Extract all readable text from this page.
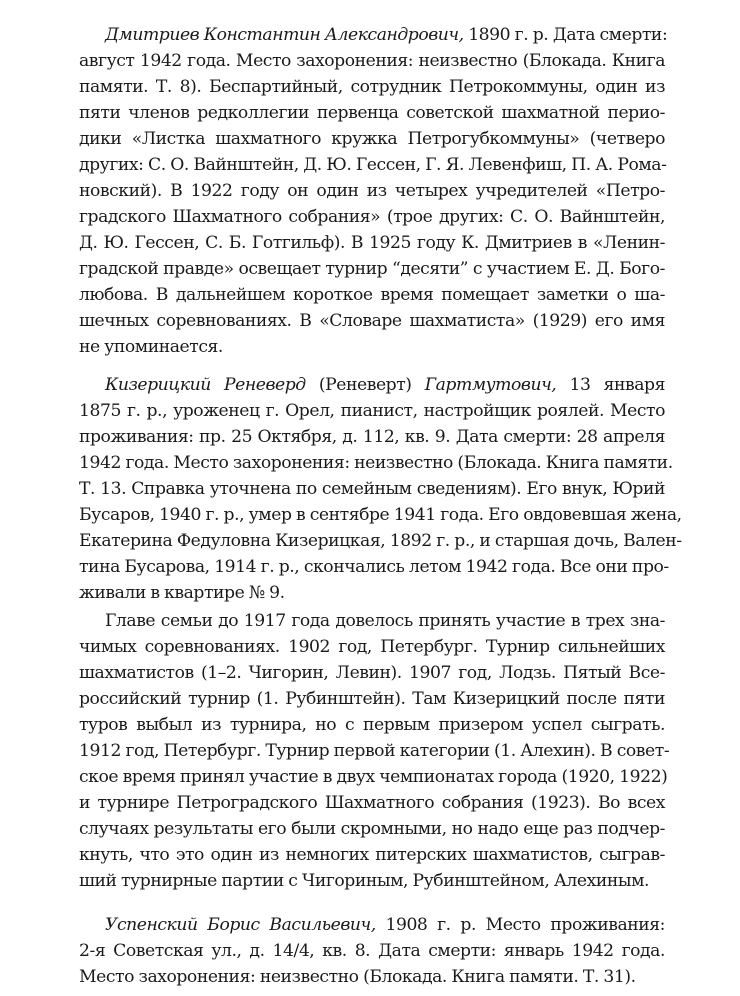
Дмитриев Константин Александрович, 1890 г. р. Дата смерти:
август 1942 года. Место захоронения: неизвестно (Блокада. Книга
памяти. Т. 8). Беспартийный, сотрудник Петрокоммуны, один из
пяти членов редколлегии первенца советской шахматной перио-
дики «Листка шахматного кружка Петрогубкоммуны» (четверо
других: С. О. Вайнштейн, Д. Ю. Гессен, Г. Я. Левенфиш, П. А. Рома-
новский). В 1922 году он один из четырех учредителей «Петро-
градского Шахматного собрания» (трое других: С. О. Вайнштейн,
Д. Ю. Гессен, С. Б. Готгильф). В 1925 году К. Дмитриев в «Ленин-
градской правде» освещает турнир “десяти” с участием Е. Д. Бого-
любова. В дальнейшем короткое время помещает заметки о ша-
шечных соревнованиях. В «Словаре шахматиста» (1929) его имя
не упоминается.
Кизерицкий Реневерд (Реневерт) Гартмутович, 13 января
1875 г. р., уроженец г. Орел, пианист, настройщик роялей. Место
проживания: пр. 25 Октября, д. 112, кв. 9. Дата смерти: 28 апреля
1942 года. Место захоронения: неизвестно (Блокада. Книга памяти.
Т. 13. Справка уточнена по семейным сведениям). Его внук, Юрий
Бусаров, 1940 г. р., умер в сентябре 1941 года. Его овдовевшая жена,
Екатерина Федуловна Кизерицкая, 1892 г. р., и старшая дочь, Вален-
тина Бусарова, 1914 г. р., скончались летом 1942 года. Все они про-
живали в квартире № 9.
Главе семьи до 1917 года довелось принять участие в трех зна-
чимых соревнованиях. 1902 год, Петербург. Турнир сильнейших
шахматистов (1–2. Чигорин, Левин). 1907 год, Лодзь. Пятый Все-
российский турнир (1. Рубинштейн). Там Кизерицкий после пяти
туров выбыл из турнира, но с первым призером успел сыграть.
1912 год, Петербург. Турнир первой категории (1. Алехин). В совет-
ское время принял участие в двух чемпионатах города (1920, 1922)
и турнире Петроградского Шахматного собрания (1923). Во всех
случаях результаты его были скромными, но надо еще раз подчер-
кнуть, что это один из немногих питерских шахматистов, сыграв-
ший турнирные партии с Чигориным, Рубинштейном, Алехиным.
Успенский Борис Васильевич, 1908 г. р. Место проживания:
2-я Советская ул., д. 14/4, кв. 8. Дата смерти: январь 1942 года.
Место захоронения: неизвестно (Блокада. Книга памяти. Т. 31).
